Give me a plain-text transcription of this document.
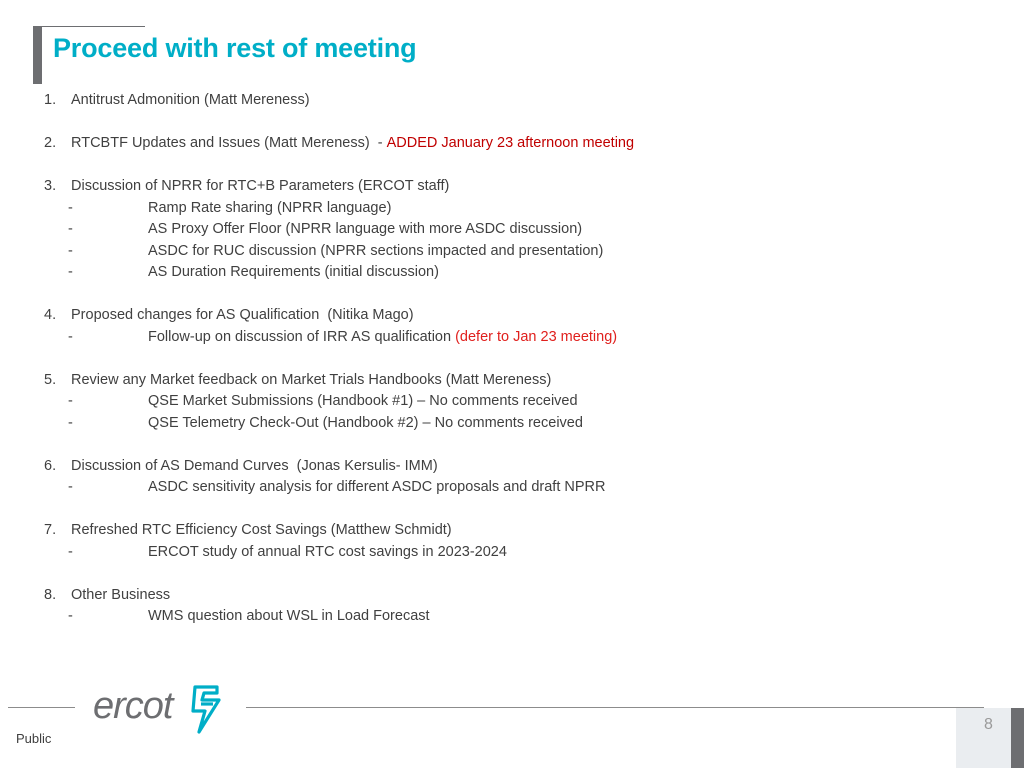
Proceed with rest of meeting
1.	Antitrust Admonition (Matt Mereness)
2.	RTCBTF Updates and Issues (Matt Mereness)  - ADDED January 23 afternoon meeting
3.	Discussion of NPRR for RTC+B Parameters (ERCOT staff)
-	Ramp Rate sharing (NPRR language)
-	AS Proxy Offer Floor (NPRR language with more ASDC discussion)
-	ASDC for RUC discussion (NPRR sections impacted and presentation)
-	AS Duration Requirements (initial discussion)
4.	Proposed changes for AS Qualification  (Nitika Mago)
-	Follow-up on discussion of IRR AS qualification (defer to Jan 23 meeting)
5.	Review any Market feedback on Market Trials Handbooks (Matt Mereness)
-	QSE Market Submissions (Handbook #1) – No comments received
-	QSE Telemetry Check-Out (Handbook #2) – No comments received
6.	Discussion of AS Demand Curves  (Jonas Kersulis- IMM)
-	ASDC sensitivity analysis for different ASDC proposals and draft NPRR
7.	Refreshed RTC Efficiency Cost Savings (Matthew Schmidt)
-	ERCOT study of annual RTC cost savings in 2023-2024
8.	Other Business
-	WMS question about WSL in Load Forecast
ercot
Public
8
